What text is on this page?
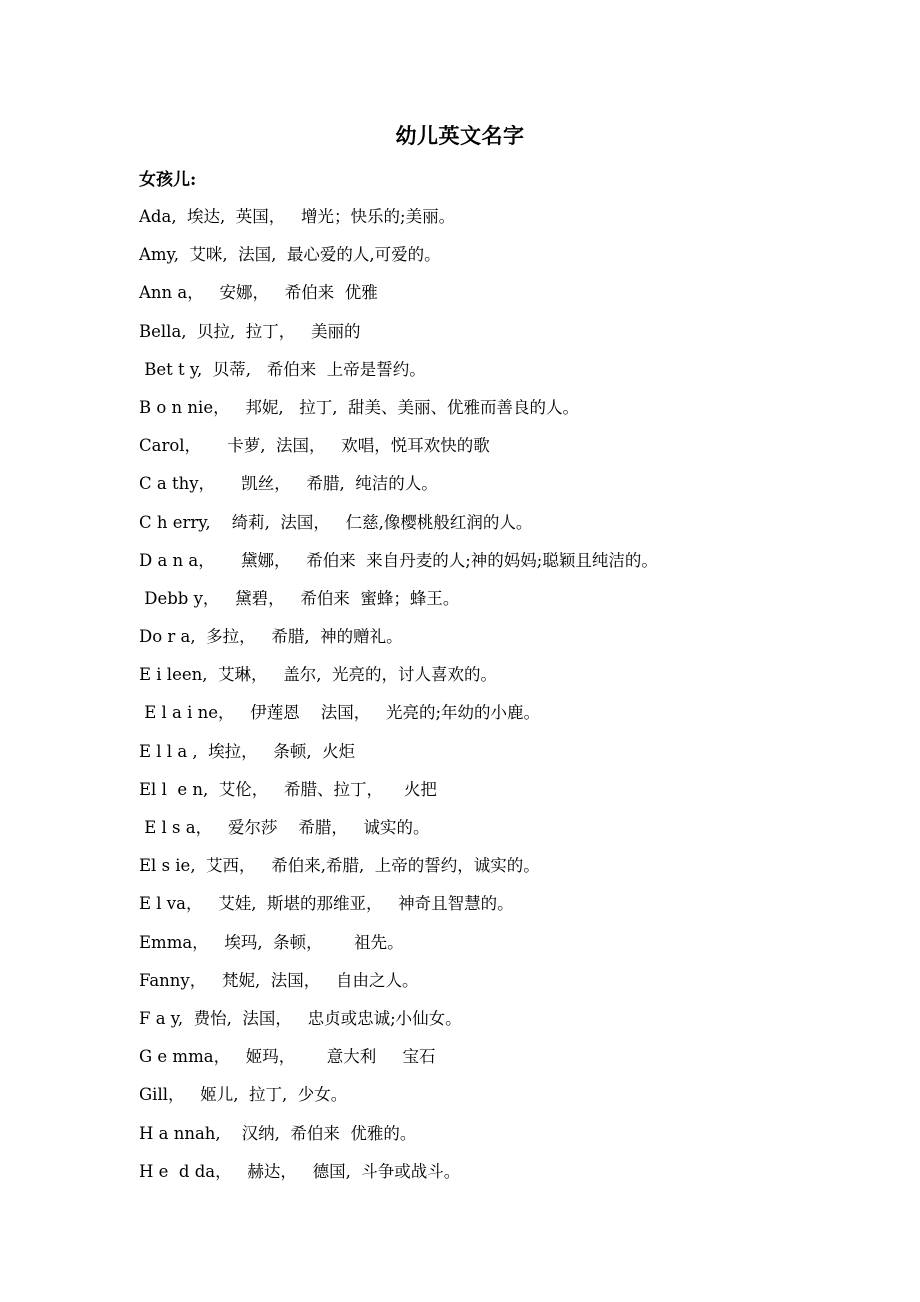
幼儿英文名字
女孩儿:
Ada,  埃达,  英国，   增光；快乐的;美丽。
Amy,  艾咪,  法国,  最心爱的人,可爱的。
Ann a，   安娜，   希伯来  优雅
Bella,  贝拉,  拉丁，   美丽的
Bet t y,  贝蒂,   希伯来  上帝是誓约。
B o n nie，   邦妮,   拉丁,  甜美、美丽、优雅而善良的人。
Carol，     卡萝,  法国，   欢唱，悦耳欢快的歌
C a thy，     凯丝，   希腊,  纯洁的人。
C h erry,    绮莉,  法国，   仁慈,像樱桃般红润的人。
D a n a，     黛娜，   希伯来  来自丹麦的人;神的妈妈;聪颖且纯洁的。
Debb y，   黛碧，   希伯来  蜜蜂；蜂王。
Do r a,  多拉，   希腊,  神的赠礼。
E i leen,  艾琳，   盖尔,  光亮的，讨人喜欢的。
E l a i ne，   伊莲恩    法国，   光亮的;年幼的小鹿。
E l l a ,  埃拉，   条顿,  火炬
El l  e n,  艾伦，   希腊、拉丁，    火把
E l s a，   爱尔莎    希腊，   诚实的。
El s ie,  艾西，   希伯来,希腊,  上帝的誓约，诚实的。
E l va，   艾娃,  斯堪的那维亚，   神奇且智慧的。
Emma，   埃玛,  条顿，      祖先。
Fanny，   梵妮,  法国，   自由之人。
F a y,  费怡,  法国，   忠贞或忠诚;小仙女。
G e mma，   姬玛，      意大利     宝石
Gill，   姬儿,  拉丁,  少女。
H a nnah,    汉纳,  希伯来  优雅的。
H e  d da，   赫达，   德国,  斗争或战斗。
